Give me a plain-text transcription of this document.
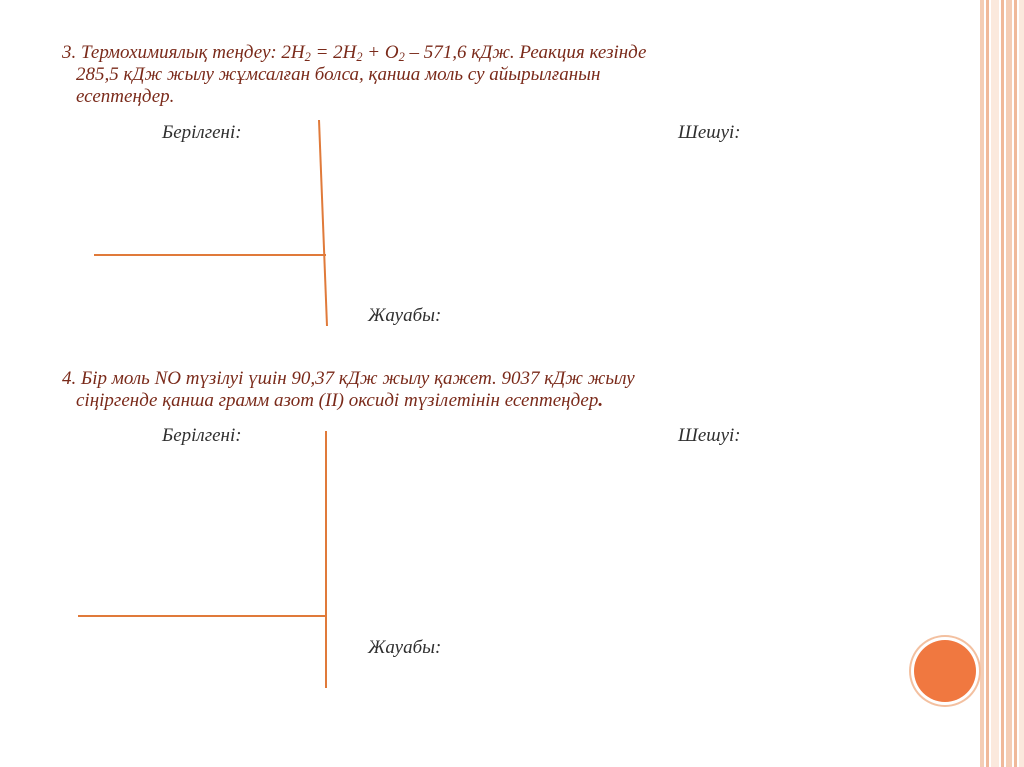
3. Термохимиялық теңдеу: $2H_2 = 2H_2 + O_2 - 571,6$ кДж. Реакция кезінде
285,5 кДж жылу жұмсалған болса, қанша моль су айырылғанын
есептеңдер.
Берілгені:	Шешуі:
Жауабы:
4. Бір моль NO түзілуі үшін 90,37 кДж жылу қажет. 9037 кДж жылу
сіңіргенде қанша грамм азот (ІІ) оксиді түзілетінін есептеңдер.
Берілгені:	Шешуі:
Жауабы:
